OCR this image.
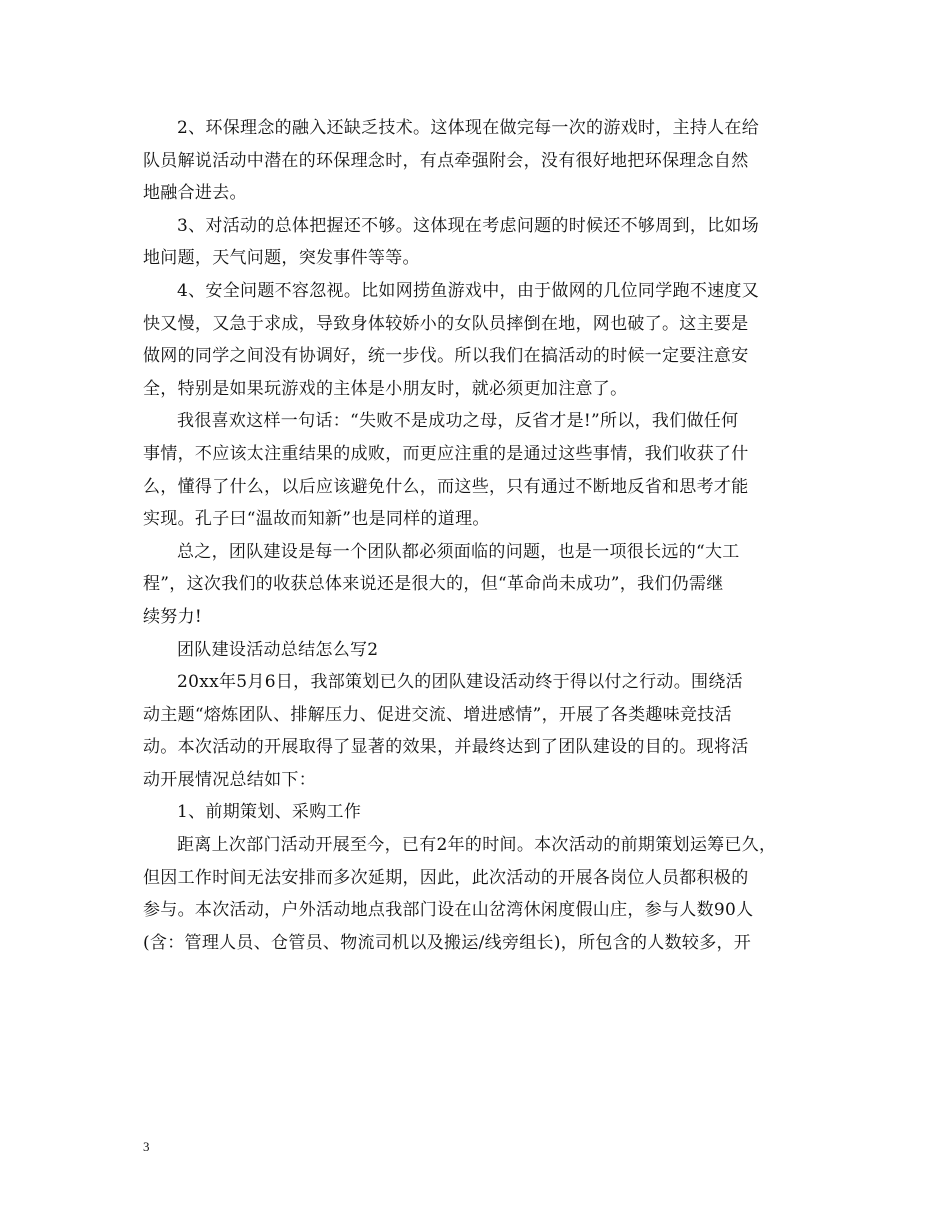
2、环保理念的融入还缺乏技术。这体现在做完每一次的游戏时，主持人在给
队员解说活动中潜在的环保理念时，有点牵强附会，没有很好地把环保理念自然
地融合进去。
3、对活动的总体把握还不够。这体现在考虑问题的时候还不够周到，比如场
地问题，天气问题，突发事件等等。
4、安全问题不容忽视。比如网捞鱼游戏中，由于做网的几位同学跑不速度又
快又慢，又急于求成，导致身体较娇小的女队员摔倒在地，网也破了。这主要是
做网的同学之间没有协调好，统一步伐。所以我们在搞活动的时候一定要注意安
全，特别是如果玩游戏的主体是小朋友时，就必须更加注意了。
我很喜欢这样一句话：“失败不是成功之母，反省才是!”所以，我们做任何
事情，不应该太注重结果的成败，而更应注重的是通过这些事情，我们收获了什
么，懂得了什么，以后应该避免什么，而这些，只有通过不断地反省和思考才能
实现。孔子曰“温故而知新”也是同样的道理。
总之，团队建设是每一个团队都必须面临的问题，也是一项很长远的“大工
程”，这次我们的收获总体来说还是很大的，但“革命尚未成功”，我们仍需继
续努力!
团队建设活动总结怎么写2
20xx年5月6日，我部策划已久的团队建设活动终于得以付之行动。围绕活
动主题“熔炼团队、排解压力、促进交流、增进感情”，开展了各类趣味竞技活
动。本次活动的开展取得了显著的效果，并最终达到了团队建设的目的。现将活
动开展情况总结如下：
1、前期策划、采购工作
距离上次部门活动开展至今，已有2年的时间。本次活动的前期策划运筹已久，
但因工作时间无法安排而多次延期，因此，此次活动的开展各岗位人员都积极的
参与。本次活动，户外活动地点我部门设在山岔湾休闲度假山庄，参与人数90人
(含：管理人员、仓管员、物流司机以及搬运/线旁组长)，所包含的人数较多，开
3
